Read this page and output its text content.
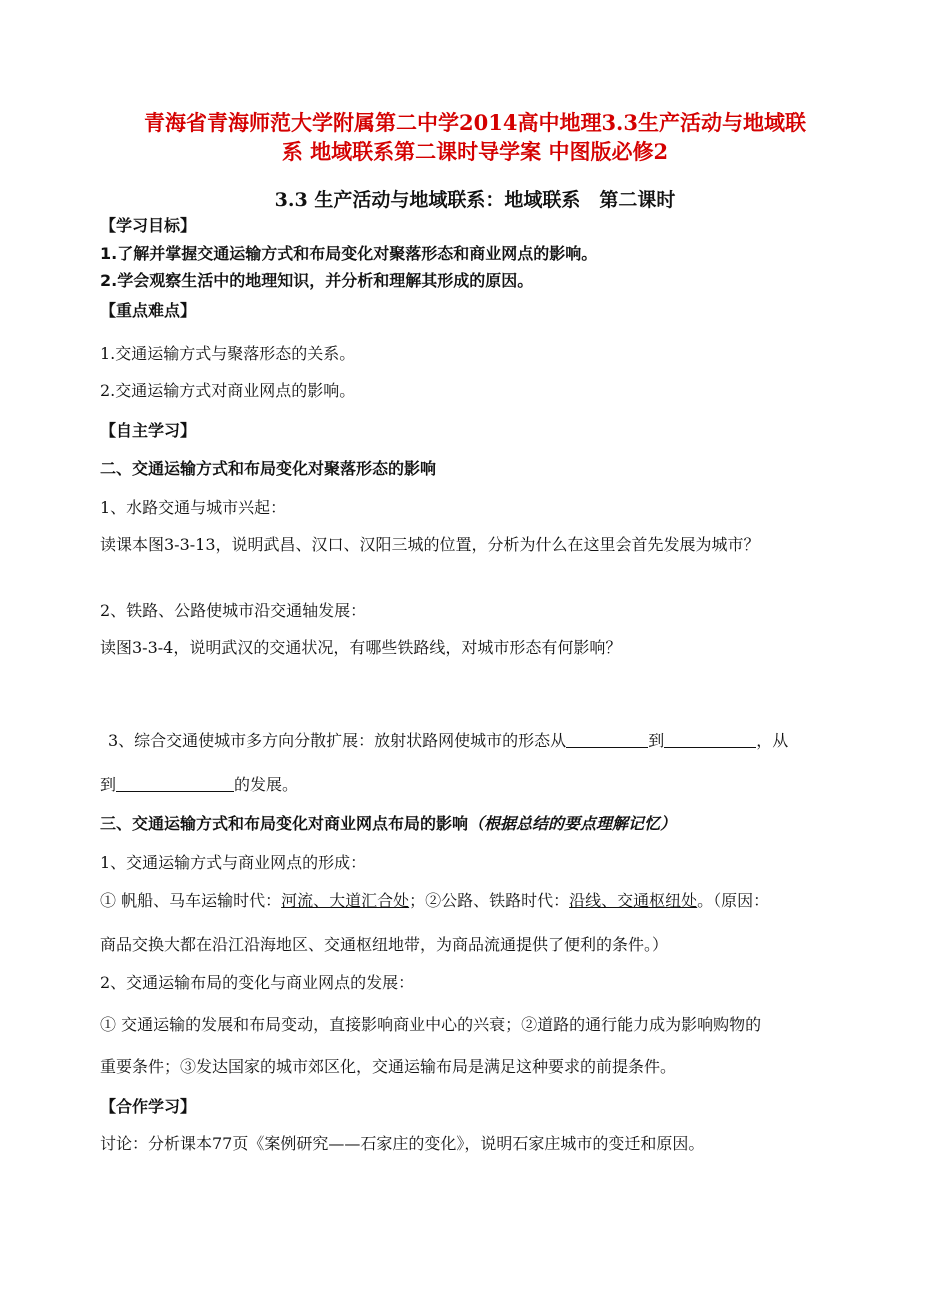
青海省青海师范大学附属第二中学2014高中地理3.3生产活动与地域联
系 地域联系第二课时导学案 中图版必修2
3.3 生产活动与地域联系：地域联系　第二课时
【学习目标】
1.了解并掌握交通运输方式和布局变化对聚落形态和商业网点的影响。
2.学会观察生活中的地理知识，并分析和理解其形成的原因。
【重点难点】
1.交通运输方式与聚落形态的关系。
2.交通运输方式对商业网点的影响。
【自主学习】
二、交通运输方式和布局变化对聚落形态的影响
1、水路交通与城市兴起：
读课本图3-3-13，说明武昌、汉口、汉阳三城的位置，分析为什么在这里会首先发展为城市？
2、铁路、公路使城市沿交通轴发展：
读图3-3-4，说明武汉的交通状况，有哪些铁路线，对城市形态有何影响？
3、综合交通使城市多方向分散扩展：放射状路网使城市的形态从	到	，从
到	的发展。
三、交通运输方式和布局变化对商业网点布局的影响（根据总结的要点理解记忆）
1、交通运输方式与商业网点的形成：
① 帆船、马车运输时代：河流、大道汇合处；②公路、铁路时代：沿线、交通枢纽处。（原因：
商品交换大都在沿江沿海地区、交通枢纽地带，为商品流通提供了便利的条件。）
2、交通运输布局的变化与商业网点的发展：
① 交通运输的发展和布局变动，直接影响商业中心的兴衰；②道路的通行能力成为影响购物的
重要条件；③发达国家的城市郊区化，交通运输布局是满足这种要求的前提条件。
【合作学习】
讨论：分析课本77页《案例研究——石家庄的变化》，说明石家庄城市的变迁和原因。
